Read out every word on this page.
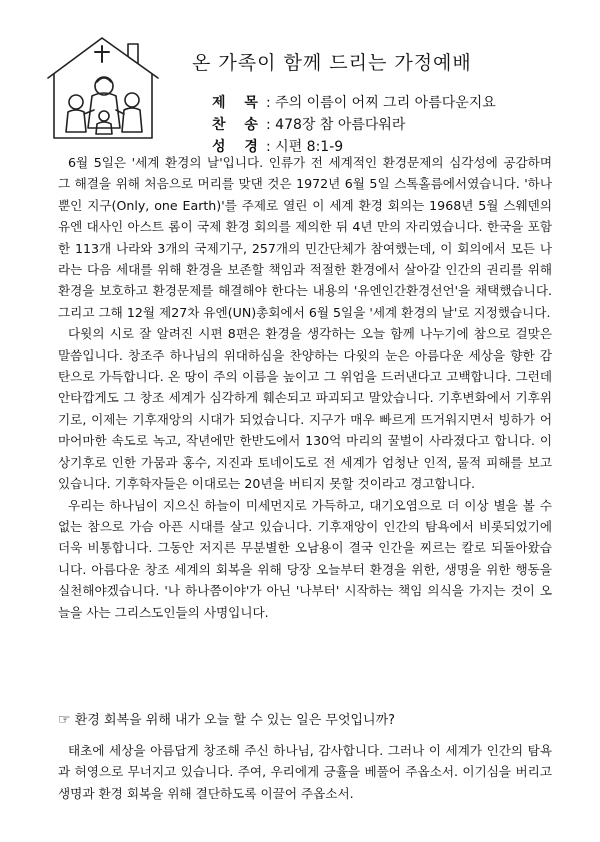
온 가족이 함께 드리는 가정예배
제 목: 주의 이름이 어찌 그리 아름다운지요
찬 송: 478장 참 아름다워라
성 경: 시편 8:1-9

6월 5일은 '세계 환경의 날'입니다. 인류가 전 세계적인 환경문제의 심각성에 공감하며 그 해결을 위해 처음으로 머리를 맞댄 것은 1972년 6월 5일 스톡홀름에서였습니다. '하나뿐인 지구(Only, one Earth)'를 주제로 열린 이 세계 환경 회의는 1968년 5월 스웨덴의 유엔 대사인 아스트 롬이 국제 환경 회의를 제의한 뒤 4년 만의 자리였습니다. 한국을 포함한 113개 나라와 3개의 국제기구, 257개의 민간단체가 참여했는데, 이 회의에서 모든 나라는 다음 세대를 위해 환경을 보존할 책임과 적절한 환경에서 살아갈 인간의 권리를 위해 환경을 보호하고 환경문제를 해결해야 한다는 내용의 '유엔인간환경선언'을 채택했습니다. 그리고 그해 12월 제27차 유엔(UN)총회에서 6월 5일을 '세계 환경의 날'로 지정했습니다.

다윗의 시로 잘 알려진 시편 8편은 환경을 생각하는 오늘 함께 나누기에 참으로 걸맞은 말씀입니다. 창조주 하나님의 위대하심을 찬양하는 다윗의 눈은 아름다운 세상을 향한 감탄으로 가득합니다. 온 땅이 주의 이름을 높이고 그 위엄을 드러낸다고 고백합니다. 그런데 안타깝게도 그 창조 세계가 심각하게 훼손되고 파괴되고 말았습니다. 기후변화에서 기후위기로, 이제는 기후재앙의 시대가 되었습니다. 지구가 매우 빠르게 뜨거워지면서 빙하가 어마어마한 속도로 녹고, 작년에만 한반도에서 130억 마리의 꿀벌이 사라졌다고 합니다. 이상기후로 인한 가뭄과 홍수, 지진과 토네이도로 전 세계가 엄청난 인적, 물적 피해를 보고 있습니다. 기후학자들은 이대로는 20년을 버티지 못할 것이라고 경고합니다.

우리는 하나님이 지으신 하늘이 미세먼지로 가득하고, 대기오염으로 더 이상 별을 볼 수 없는 참으로 가슴 아픈 시대를 살고 있습니다. 기후재앙이 인간의 탐욕에서 비롯되었기에 더욱 비통합니다. 그동안 저지른 무분별한 오남용이 결국 인간을 찌르는 칼로 되돌아왔습니다. 아름다운 창조 세계의 회복을 위해 당장 오늘부터 환경을 위한, 생명을 위한 행동을 실천해야겠습니다. '나 하나쯤이야'가 아닌 '나부터' 시작하는 책임 의식을 가지는 것이 오늘을 사는 그리스도인들의 사명입니다.

☞ 환경 회복을 위해 내가 오늘 할 수 있는 일은 무엇입니까?

태초에 세상을 아름답게 창조해 주신 하나님, 감사합니다. 그러나 이 세계가 인간의 탐욕과 허영으로 무너지고 있습니다. 주여, 우리에게 긍휼을 베풀어 주옵소서. 이기심을 버리고 생명과 환경 회복을 위해 결단하도록 이끌어 주옵소서.
